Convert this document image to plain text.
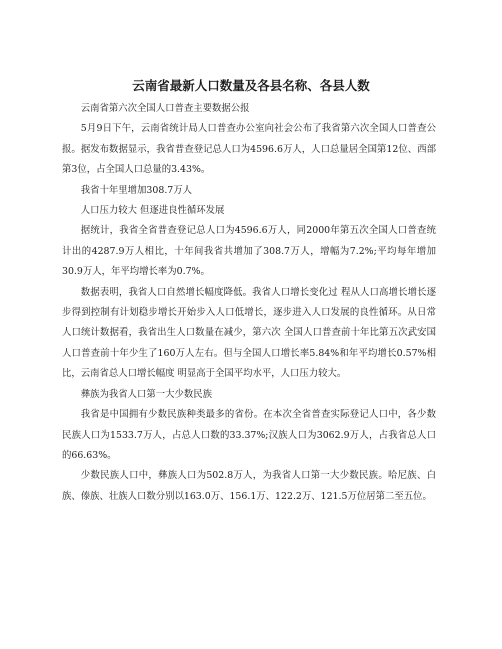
云南省最新人口数量及各县名称、各县人数

云南省第六次全国人口普查主要数据公报

5月9日下午，云南省统计局人口普查办公室向社会公布了我省第六次全国人口普查公报。据发布数据显示，我省普查登记总人口为4596.6万人，人口总量居全国第12位、西部第3位，占全国人口总量的3.43%。

我省十年里增加308.7万人

人口压力较大 但逐进良性循环发展

据统计，我省全省普查登记总人口为4596.6万人，同2000年第五次全国人口普查统计出的4287.9万人相比，十年间我省共增加了308.7万人，增幅为7.2%;平均每年增加30.9万人，年平均增长率为0.7%。

数据表明，我省人口自然增长幅度降低。我省人口增长变化过 程从人口高增长增长逐步得到控制有计划稳步增长开始步入人口低增长，逐步进入人口发展的良性循环。从日常人口统计数据看，我省出生人口数量在减少，第六次 全国人口普查前十年比第五次武安国人口普查前十年少生了160万人左右。但与全国人口增长率5.84%和年平均增长0.57%相比，云南省总人口增长幅度 明显高于全国平均水平，人口压力较大。

彝族为我省人口第一大少数民族

我省是中国拥有少数民族种类最多的省份。在本次全省普查实际登记人口中，各少数民族人口为1533.7万人，占总人口数的33.37%;汉族人口为3062.9万人，占我省总人口的66.63%。

少数民族人口中，彝族人口为502.8万人，为我省人口第一大少数民族。哈尼族、白族、傣族、壮族人口数分别以163.0万、156.1万、122.2万、121.5万位居第二至五位。
